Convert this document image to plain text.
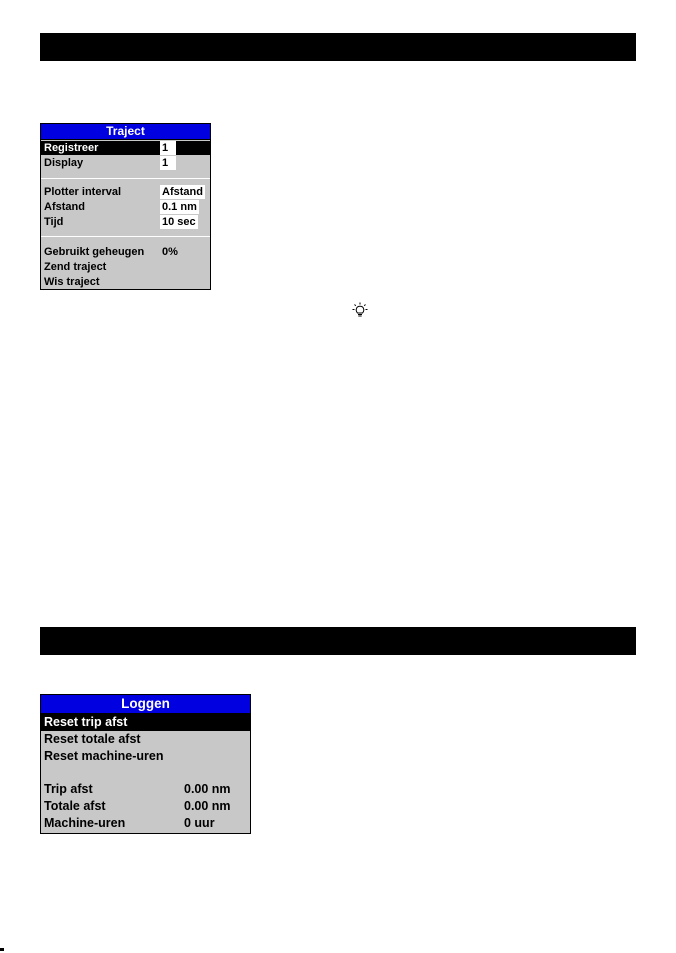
Traject
Registreer	1
Display	1
Plotter interval	Afstand
Afstand	0.1 nm
Tijd	10 sec
Gebruikt geheugen 0%
Zend traject
Wis traject
Loggen
Reset trip afst
Reset totale afst
Reset machine-uren
Trip afst	0.00 nm
Totale afst	0.00 nm
Machine-uren	0 uur
